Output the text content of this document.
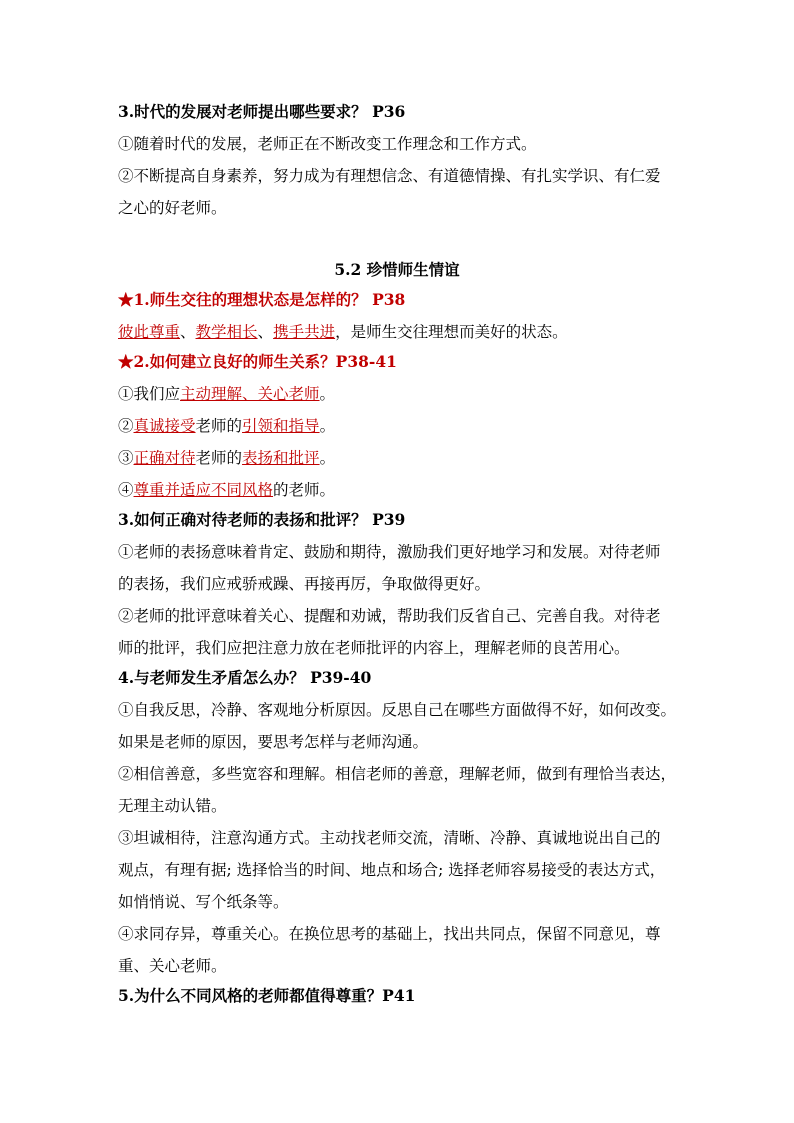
3.时代的发展对老师提出哪些要求？ P36
①随着时代的发展，老师正在不断改变工作理念和工作方式。
②不断提高自身素养，努力成为有理想信念、有道德情操、有扎实学识、有仁爱
之心的好老师。
5.2 珍惜师生情谊
★1.师生交往的理想状态是怎样的？ P38
彼此尊重、教学相长、携手共进，是师生交往理想而美好的状态。
★2.如何建立良好的师生关系？P38-41
①我们应主动理解、关心老师。
②真诚接受老师的引领和指导。
③正确对待老师的表扬和批评。
④尊重并适应不同风格的老师。
3.如何正确对待老师的表扬和批评？ P39
①老师的表扬意味着肯定、鼓励和期待，激励我们更好地学习和发展。对待老师
的表扬，我们应戒骄戒躁、再接再厉，争取做得更好。
②老师的批评意味着关心、提醒和劝诫，帮助我们反省自己、完善自我。对待老
师的批评，我们应把注意力放在老师批评的内容上，理解老师的良苦用心。
4.与老师发生矛盾怎么办？ P39-40
①自我反思，冷静、客观地分析原因。反思自己在哪些方面做得不好，如何改变。
如果是老师的原因，要思考怎样与老师沟通。
②相信善意，多些宽容和理解。相信老师的善意，理解老师，做到有理恰当表达，
无理主动认错。
③坦诚相待，注意沟通方式。主动找老师交流，清晰、冷静、真诚地说出自己的
观点，有理有据; 选择恰当的时间、地点和场合; 选择老师容易接受的表达方式，
如悄悄说、写个纸条等。
④求同存异，尊重关心。在换位思考的基础上，找出共同点，保留不同意见，尊
重、关心老师。
5.为什么不同风格的老师都值得尊重？P41
